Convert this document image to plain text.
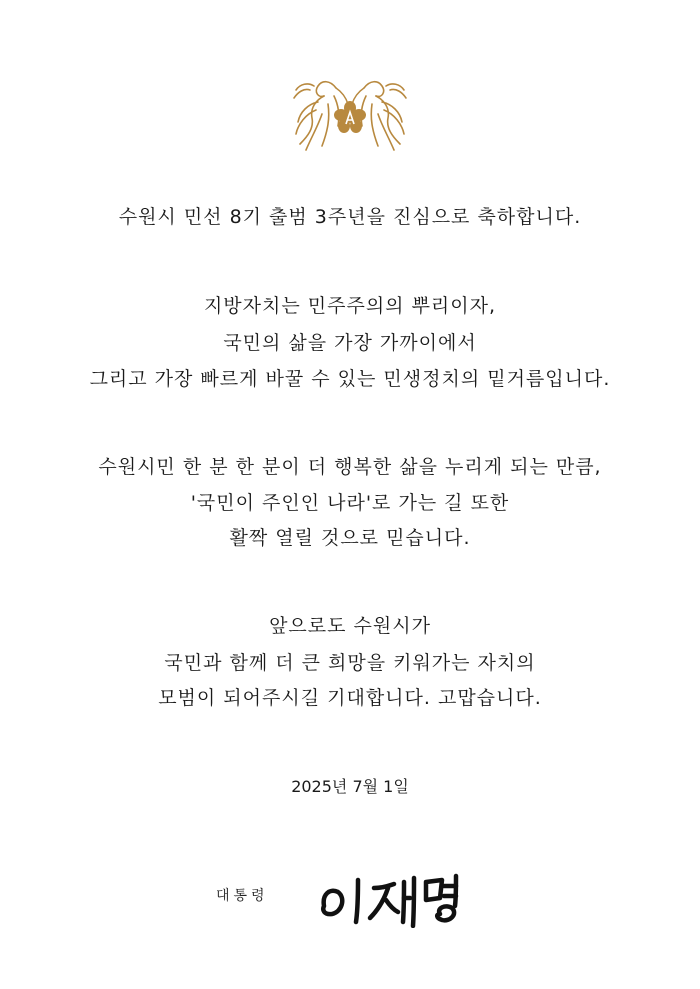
수원시 민선 8기 출범 3주년을 진심으로 축하합니다.
지방자치는 민주주의의 뿌리이자,
국민의 삶을 가장 가까이에서
그리고 가장 빠르게 바꿀 수 있는 민생정치의 밑거름입니다.
수원시민 한 분 한 분이 더 행복한 삶을 누리게 되는 만큼,
'국민이 주인인 나라'로 가는 길 또한
활짝 열릴 것으로 믿습니다.
앞으로도 수원시가
국민과 함께 더 큰 희망을 키워가는 자치의
모범이 되어주시길 기대합니다. 고맙습니다.
2025년 7월 1일
대통령
